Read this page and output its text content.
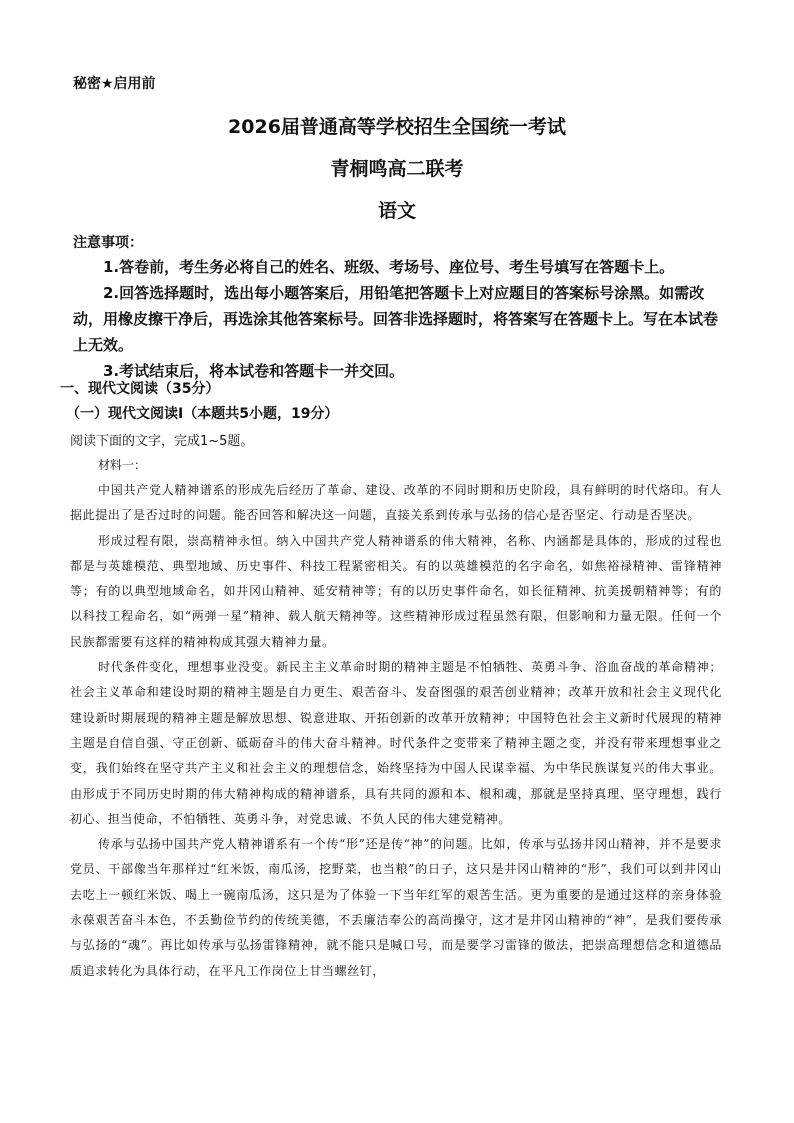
秘密★启用前
2026届普通高等学校招生全国统一考试
青桐鸣高二联考
语文
注意事项：

1.答卷前，考生务必将自己的姓名、班级、考场号、座位号、考生号填写在答题卡上。

2.回答选择题时，选出每小题答案后，用铅笔把答题卡上对应题目的答案标号涂黑。如需改动，用橡皮擦干净后，再选涂其他答案标号。回答非选择题时，将答案写在答题卡上。写在本试卷上无效。

3.考试结束后，将本试卷和答题卡一并交回。

一、现代文阅读（35分）
（一）现代文阅读Ⅰ（本题共5小题，19分）
阅读下面的文字，完成1~5题。
材料一：

中国共产党人精神谱系的形成先后经历了革命、建设、改革的不同时期和历史阶段，具有鲜明的时代烙印。有人据此提出了是否过时的问题。能否回答和解决这一问题，直接关系到传承与弘扬的信心是否坚定、行动是否坚决。

形成过程有限，崇高精神永恒。纳入中国共产党人精神谱系的伟大精神，名称、内涵都是具体的，形成的过程也都是与英雄模范、典型地域、历史事件、科技工程紧密相关。有的以英雄模范的名字命名，如焦裕禄精神、雷锋精神等；有的以典型地域命名，如井冈山精神、延安精神等；有的以历史事件命名，如长征精神、抗美援朝精神等；有的以科技工程命名，如“两弹一星”精神、载人航天精神等。这些精神形成过程虽然有限，但影响和力量无限。任何一个民族都需要有这样的精神构成其强大精神力量。

时代条件变化，理想事业没变。新民主主义革命时期的精神主题是不怕牺牲、英勇斗争、浴血奋战的革命精神；社会主义革命和建设时期的精神主题是自力更生、艰苦奋斗、发奋图强的艰苦创业精神；改革开放和社会主义现代化建设新时期展现的精神主题是解放思想、锐意进取、开拓创新的改革开放精神；中国特色社会主义新时代展现的精神主题是自信自强、守正创新、砥砺奋斗的伟大奋斗精神。时代条件之变带来了精神主题之变，并没有带来理想事业之变，我们始终在坚守共产主义和社会主义的理想信念，始终坚持为中国人民谋幸福、为中华民族谋复兴的伟大事业。由形成于不同历史时期的伟大精神构成的精神谱系，具有共同的源和本、根和魂，那就是坚持真理、坚守理想，践行初心、担当使命，不怕牺牲、英勇斗争，对党忠诚、不负人民的伟大建党精神。

传承与弘扬中国共产党人精神谱系有一个传“形”还是传“神”的问题。比如，传承与弘扬井冈山精神，并不是要求党员、干部像当年那样过“红米饭，南瓜汤，挖野菜，也当粮”的日子，这只是井冈山精神的“形”，我们可以到井冈山去吃上一顿红米饭、喝上一碗南瓜汤，这只是为了体验一下当年红军的艰苦生活。更为重要的是通过这样的亲身体验永葆艰苦奋斗本色，不丢勤俭节约的传统美德，不丢廉洁奉公的高尚操守，这才是井冈山精神的“神”，是我们要传承与弘扬的“魂”。再比如传承与弘扬雷锋精神，就不能只是喊口号，而是要学习雷锋的做法，把崇高理想信念和道德品质追求转化为具体行动，在平凡工作岗位上甘当螺丝钉，
